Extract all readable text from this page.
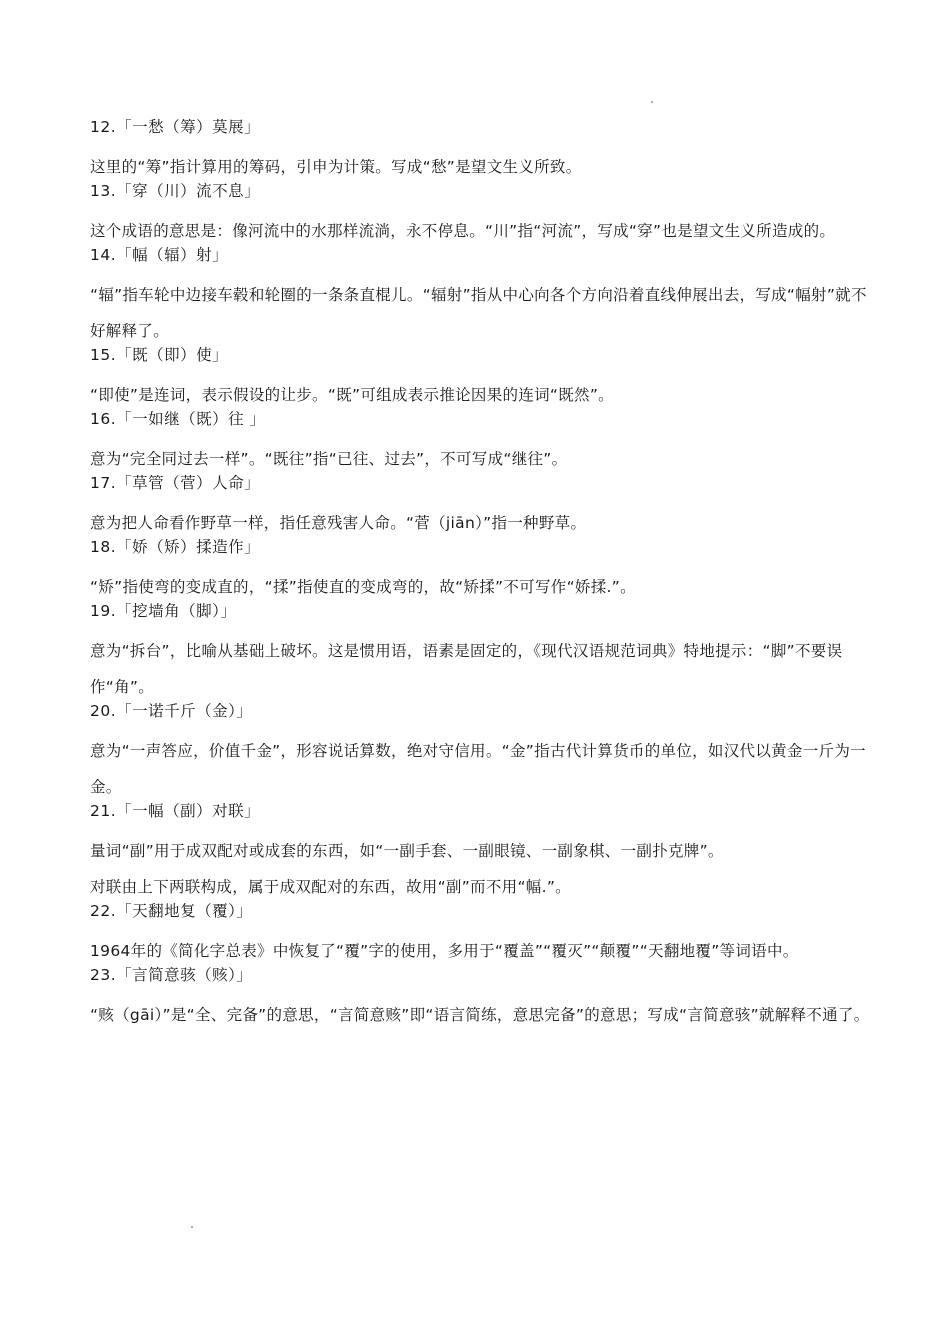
12.「一愁（筹）莫展」

这里的“筹”指计算用的筹码，引申为计策。写成“愁”是望文生义所致。

13.「穿（川）流不息」

这个成语的意思是：像河流中的水那样流淌，永不停息。“川”指“河流”，写成“穿”也是望文生义所造成的。

14.「幅（辐）射」

“辐”指车轮中边接车毂和轮圈的一条条直棍儿。“辐射”指从中心向各个方向沿着直线伸展出去，写成“幅射”就不好解释了。

15.「既（即）使」

“即使”是连词，表示假设的让步。“既”可组成表示推论因果的连词“既然”。

16.「一如继（既）往 」

意为“完全同过去一样”。“既往”指“已往、过去”，不可写成“继往”。

17.「草管（菅）人命」

意为把人命看作野草一样，指任意残害人命。“菅（jiān）”指一种野草。

18.「娇（矫）揉造作」

“矫”指使弯的变成直的，“揉”指使直的变成弯的，故“矫揉”不可写作“娇揉.”。

19.「挖墙角（脚）」

意为“拆台”，比喻从基础上破坏。这是惯用语，语素是固定的，《现代汉语规范词典》特地提示：“脚”不要误作“角”。

20.「一诺千斤（金）」

意为“一声答应，价值千金”，形容说话算数，绝对守信用。“金”指古代计算货币的单位，如汉代以黄金一斤为一金。

21.「一幅（副）对联」

量词“副”用于成双配对或成套的东西，如“一副手套、一副眼镜、一副象棋、一副扑克牌”。

对联由上下两联构成，属于成双配对的东西，故用“副”而不用“幅.”。

22.「天翻地复（覆）」

1964年的《简化字总表》中恢复了“覆”字的使用，多用于“覆盖”“覆灭”“颠覆”“天翻地覆”等词语中。

23.「言简意骇（赅）」

“赅（gāi）”是“全、完备”的意思，“言简意赅”即“语言简练，意思完备”的意思；写成“言简意骇”就解释不通了。
